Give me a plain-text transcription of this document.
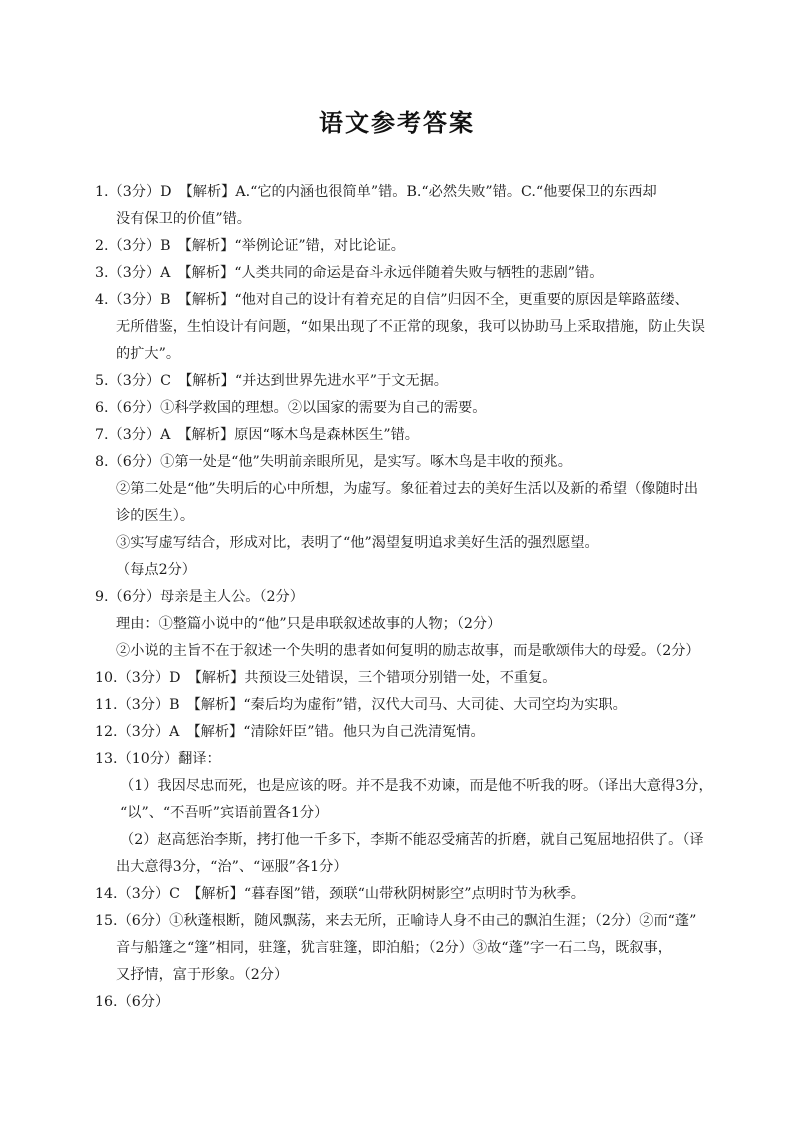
语文参考答案
1.（3分）D　【解析】A.“它的内涵也很简单”错。B.“必然失败”错。C.“他要保卫的东西却
没有保卫的价值”错。
2.（3分）B　【解析】“举例论证”错，对比论证。
3.（3分）A　【解析】“人类共同的命运是奋斗永远伴随着失败与牺牲的悲剧”错。
4.（3分）B　【解析】“他对自己的设计有着充足的自信”归因不全，更重要的原因是筚路蓝缕、
无所借鉴，生怕设计有问题，“如果出现了不正常的现象，我可以协助马上采取措施，防止失误
的扩大”。
5.（3分）C　【解析】“并达到世界先进水平”于文无据。
6.（6分）①科学救国的理想。②以国家的需要为自己的需要。
7.（3分）A　【解析】原因“啄木鸟是森林医生”错。
8.（6分）①第一处是“他”失明前亲眼所见，是实写。啄木鸟是丰收的预兆。
②第二处是“他”失明后的心中所想，为虚写。象征着过去的美好生活以及新的希望（像随时出
诊的医生）。
③实写虚写结合，形成对比，表明了“他”渴望复明追求美好生活的强烈愿望。
（每点2分）
9.（6分）母亲是主人公。（2分）
理由：①整篇小说中的“他”只是串联叙述故事的人物；（2分）
②小说的主旨不在于叙述一个失明的患者如何复明的励志故事，而是歌颂伟大的母爱。（2分）
10.（3分）D　【解析】共预设三处错误，三个错项分别错一处，不重复。
11.（3分）B　【解析】“秦后均为虚衔”错，汉代大司马、大司徒、大司空均为实职。
12.（3分）A　【解析】“清除奸臣”错。他只为自己洗清冤情。
13.（10分）翻译：
（1）我因尽忠而死，也是应该的呀。并不是我不劝谏，而是他不听我的呀。（译出大意得3分，
“以”、“不吾听”宾语前置各1分）
（2）赵高惩治李斯，拷打他一千多下，李斯不能忍受痛苦的折磨，就自己冤屈地招供了。（译
出大意得3分，“治”、“诬服”各1分）
14.（3分）C　【解析】“暮春图”错，颈联“山带秋阴树影空”点明时节为秋季。
15.（6分）①秋蓬根断，随风飘荡，来去无所，正喻诗人身不由己的飘泊生涯；（2分）②而“蓬”
音与船篷之“篷”相同，驻篷，犹言驻篷，即泊船；（2分）③故“蓬”字一石二鸟，既叙事，
又抒情，富于形象。（2分）
16.（6分）
